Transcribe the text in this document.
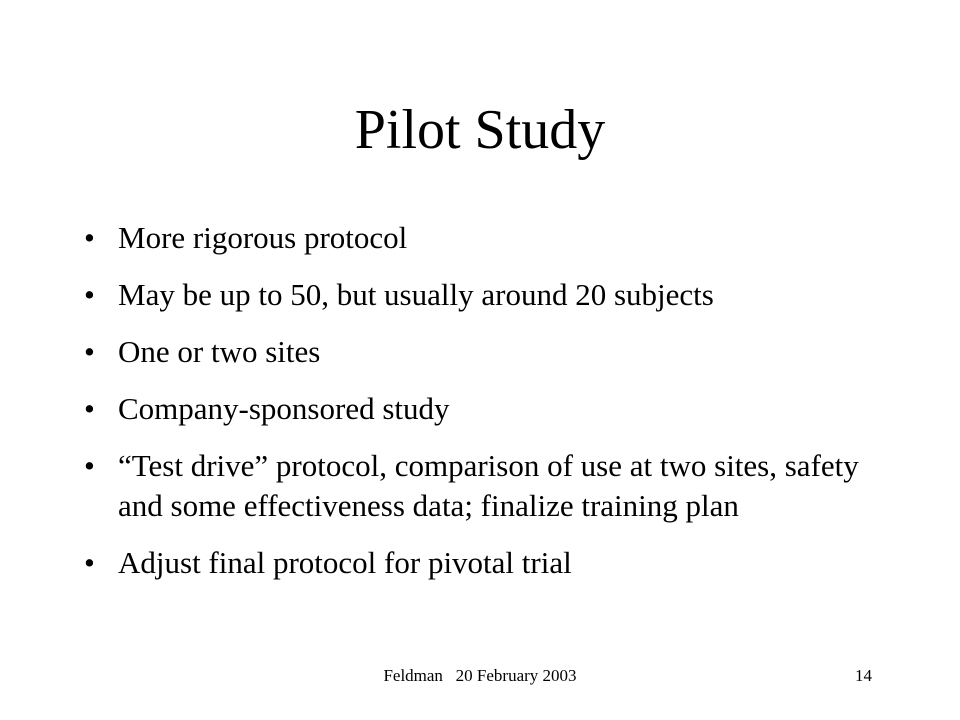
Pilot Study
• More rigorous protocol
• May be up to 50, but usually around 20 subjects
• One or two sites
• Company-sponsored study
• “Test drive” protocol, comparison of use at two sites, safety and some effectiveness data; finalize training plan
• Adjust final protocol for pivotal trial
Feldman   20 February 2003	14
